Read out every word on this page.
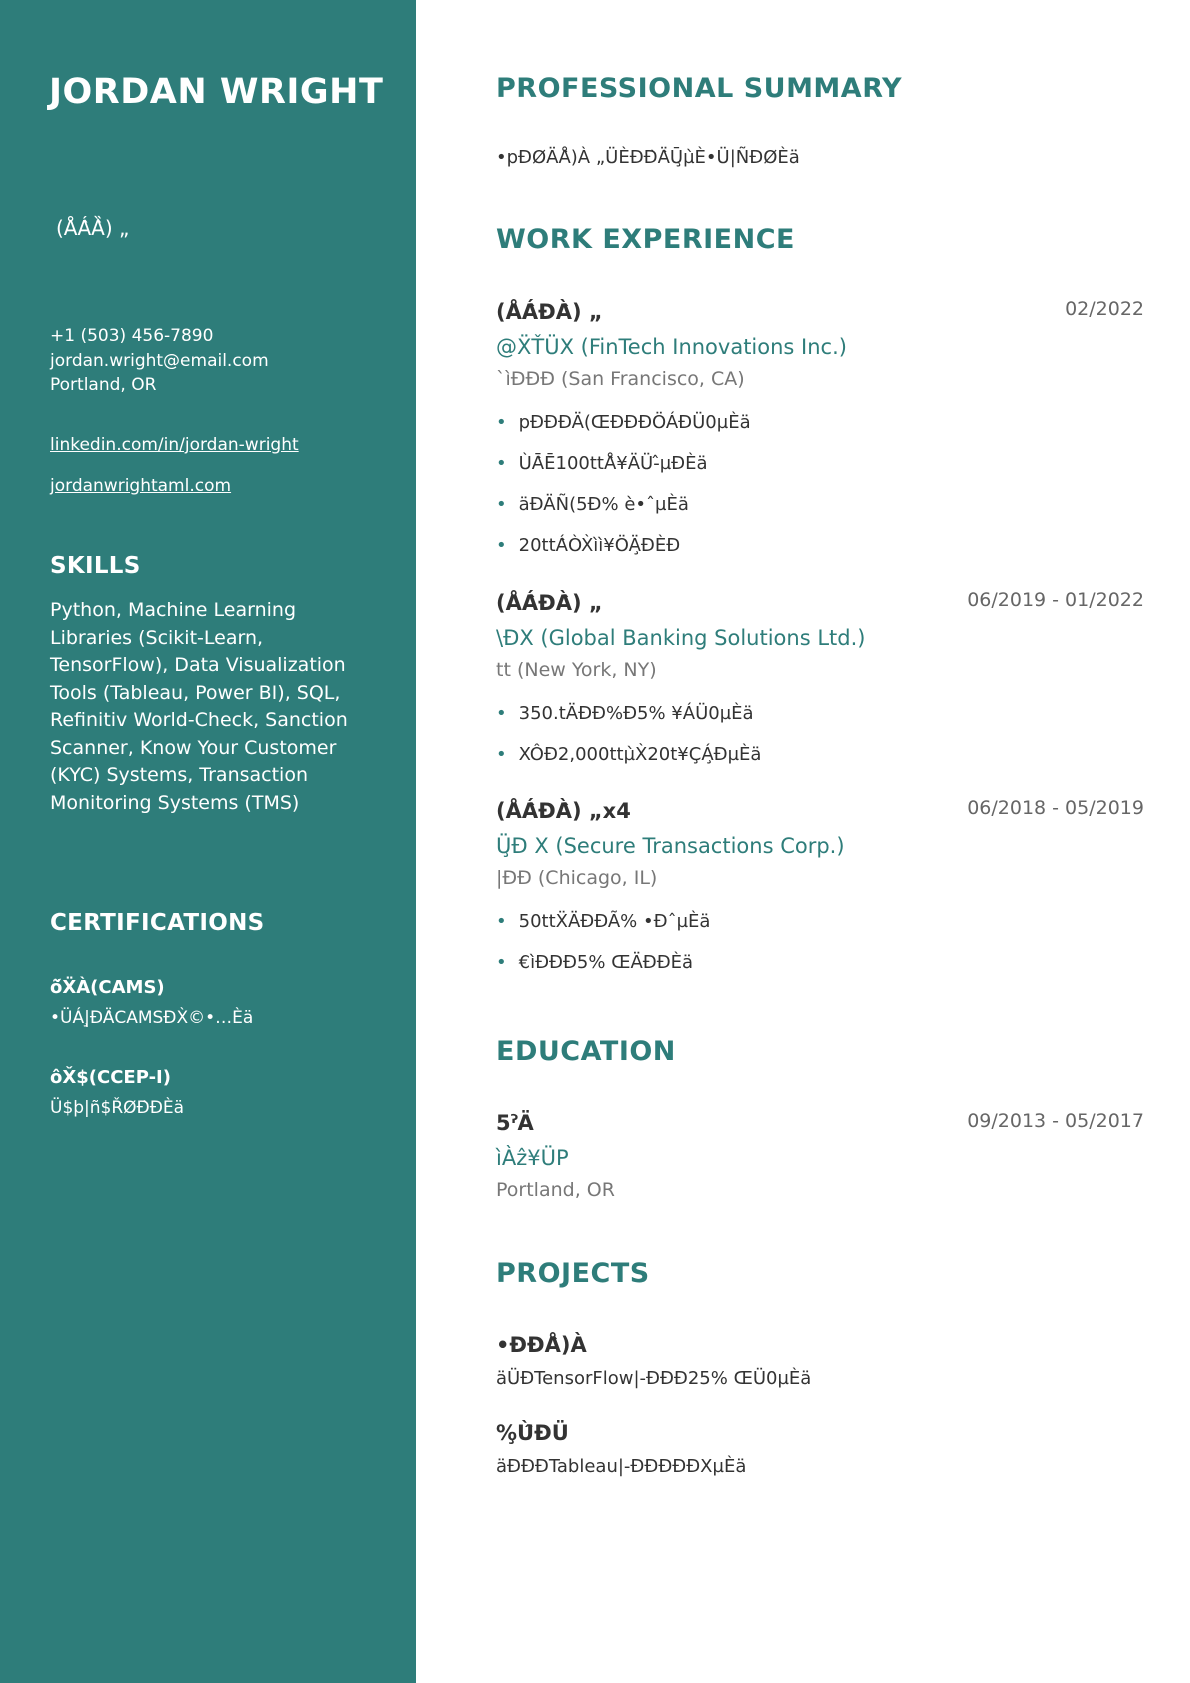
JORDAN WRIGHT
(ÅÁ̀Ȁ̀) „
+1 (503) 456-7890
jordan.wright@email.com
Portland, OR
linkedin.com/in/jordan-wright
jordanwrightaml.com
SKILLS
Python, Machine Learning Libraries (Scikit-Learn, TensorFlow), Data Visualization Tools (Tableau, Power BI), SQL, Refinitiv World-Check, Sanction Scanner, Know Your Customer (KYC) Systems, Transaction Monitoring Systems (TMS)
CERTIFICATIONS
õ̌ẌÀ(CAMS)
•ÜÁ|̧ÐÄ̀CAMSĐX̀©•…Èä
ôX̌$(CCEP-I)
Ü$þ|ñ$ŘØÐ̀ÐÈä
PROFESSIONAL SUMMARY
•pÐØÄÅ̀)À „ÜÈÐÐ̀Ä̀Ū̧µ̀È•Ü|ÑÐØÈä
WORK EXPERIENCE
(ÅÁ̀ÐÀ̀) „	02/2022
@ẌŤÜX (FinTech Innovations Inc.)
`ìÐÐÐ (San Francisco, CA)
• pÐÐÐÄ(ŒÐÐÐÖÁÐÜ0µÈä
• ÙĀ̀Ē100ttÅ̀¥ÄÜ-̂µÐÈä
• äĐÄÑ(5Ð% è•ˆµÈä
• 20ttÁ̀ÒX̀ìì¥ÖÄ̧ÐÈÐ
(ÅÁ̀ÐÀ̀) „	06/2019 - 01/2022
\ÐX (Global Banking Solutions Ltd.)
tt (New York, NY)
• 350.tÄÐÐ%Ð5% ¥ÁÜ0µÈä
• XÔÐ2,000ttµ̀X̀20t¥ÇÁ̧ÐµÈä
(ÅÁ̀ÐÀ̀) „x4	06/2018 - 05/2019
Ü̧Ð X (Secure Transactions Corp.)
|ÐÐ (Chicago, IL)
• 50ttẌÄÐÐÃ% •ÐˆµÈä
• €ìÐÐÐ5% ŒÄÐÐÈä
EDUCATION
5ˀÄ	09/2013 - 05/2017
ìÀẑ¥ÜP
Portland, OR
PROJECTS
•ÐÐÅ̀)À
äÜÐTensorFlow|-ÐÐÐ25% ŒÜ0µÈä
%̧Ù̂ÐÜ
äÐÐÐTableau|-ÐÐÐÐÐXµÈä
